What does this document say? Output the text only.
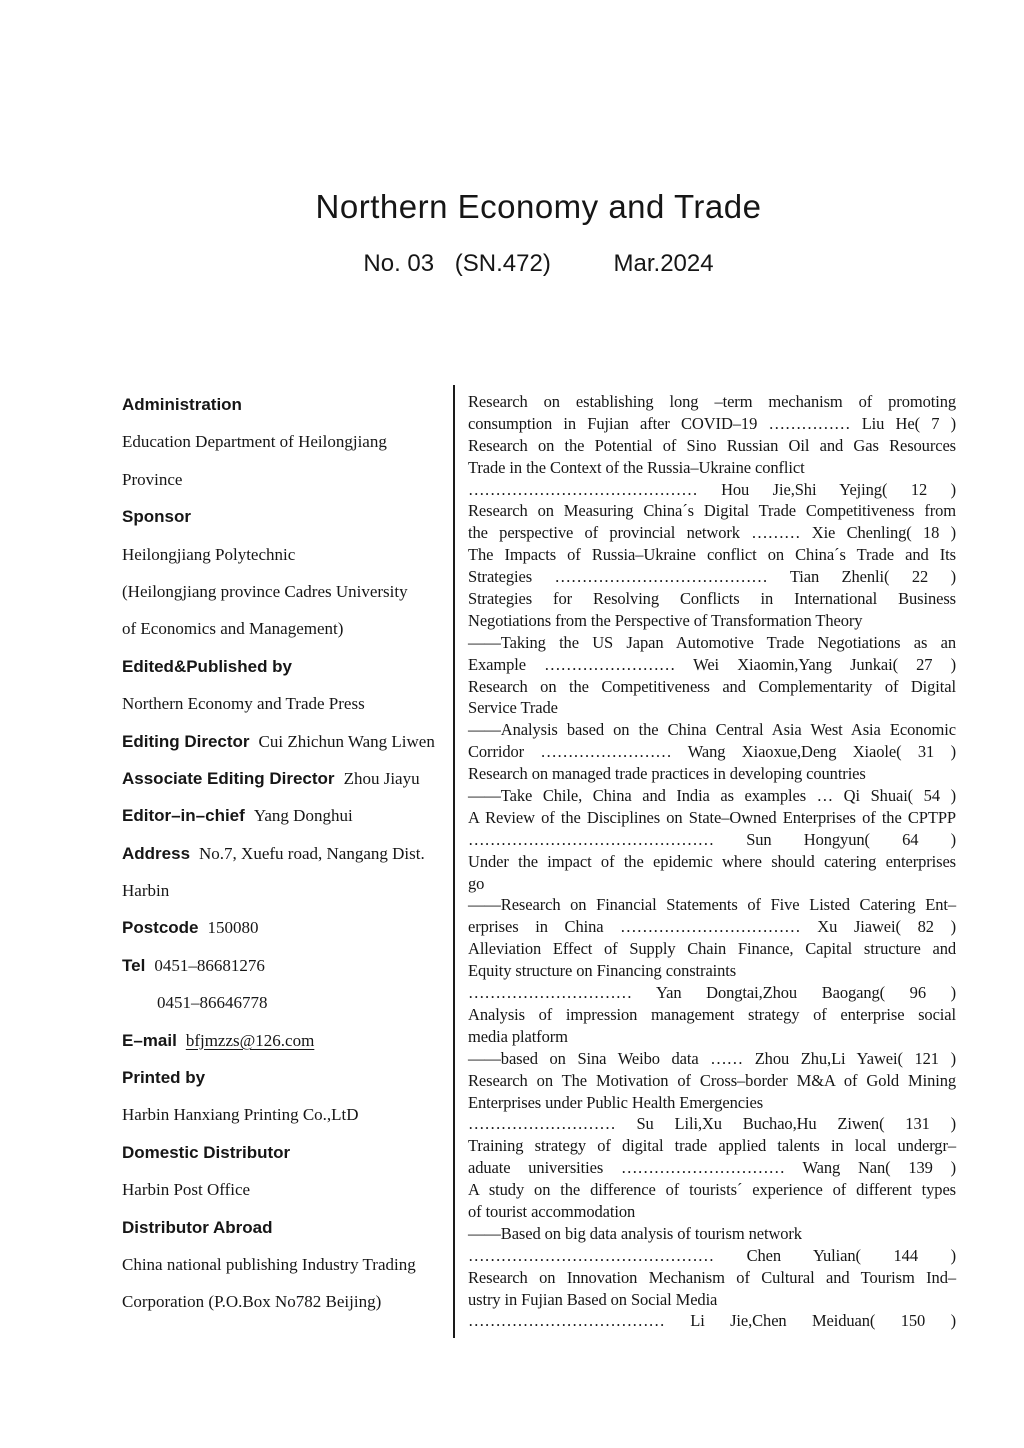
Northern Economy and Trade
No. 03 (SN.472)	Mar.2024
Administration
Education Department of Heilongjiang
Province
Sponsor
Heilongjiang Polytechnic
(Heilongjiang province Cadres University
of Economics and Management)
Edited&Published by
Northern Economy and Trade Press
Editing Director Cui Zhichun Wang Liwen
Associate Editing Director Zhou Jiayu
Editor–in–chief Yang Donghui
Address No.7, Xuefu road, Nangang Dist.
Harbin
Postcode 150080
Tel 0451–86681276
0451–86646778
E–mail bfjmzzs@126.com
Printed by
Harbin Hanxiang Printing Co.,LtD
Domestic Distributor
Harbin Post Office
Distributor Abroad
China national publishing Industry Trading
Corporation (P.O.Box No782 Beijing)
Research on establishing long –term mechanism of promoting
consumption in Fujian after COVID–19 …………… Liu He( 7 )
Research on the Potential of Sino Russian Oil and Gas Resources
Trade in the Context of the Russia–Ukraine conflict
…………………………………… Hou Jie,Shi Yejing( 12 )
Research on Measuring China´s Digital Trade Competitiveness from
the perspective of provincial network ……… Xie Chenling( 18 )
The Impacts of Russia–Ukraine conflict on China´s Trade and Its
Strategies ………………………………… Tian Zhenli( 22 )
Strategies for Resolving Conflicts in International Business
Negotiations from the Perspective of Transformation Theory
——Taking the US Japan Automotive Trade Negotiations as an
Example …………………… Wei Xiaomin,Yang Junkai( 27 )
Research on the Competitiveness and Complementarity of Digital
Service Trade
——Analysis based on the China Central Asia West Asia Economic
Corridor …………………… Wang Xiaoxue,Deng Xiaole( 31 )
Research on managed trade practices in developing countries
——Take Chile, China and India as examples … Qi Shuai( 54 )
A Review of the Disciplines on State–Owned Enterprises of the CPTPP
……………………………………… Sun Hongyun( 64 )
Under the impact of the epidemic where should catering enterprises
go
——Research on Financial Statements of Five Listed Catering Ent–
erprises in China …………………………… Xu Jiawei( 82 )
Alleviation Effect of Supply Chain Finance, Capital structure and
Equity structure on Financing constraints
………………………… Yan Dongtai,Zhou Baogang( 96 )
Analysis of impression management strategy of enterprise social
media platform
——based on Sina Weibo data …… Zhou Zhu,Li Yawei( 121 )
Research on The Motivation of Cross–border M&A of Gold Mining
Enterprises under Public Health Emergencies
……………………… Su Lili,Xu Buchao,Hu Ziwen( 131 )
Training strategy of digital trade applied talents in local undergr–
aduate universities ………………………… Wang Nan( 139 )
A study on the difference of tourists´ experience of different types
of tourist accommodation
——Based on big data analysis of tourism network
……………………………………… Chen Yulian( 144 )
Research on Innovation Mechanism of Cultural and Tourism Ind–
ustry in Fujian Based on Social Media
……………………………… Li Jie,Chen Meiduan( 150 )
